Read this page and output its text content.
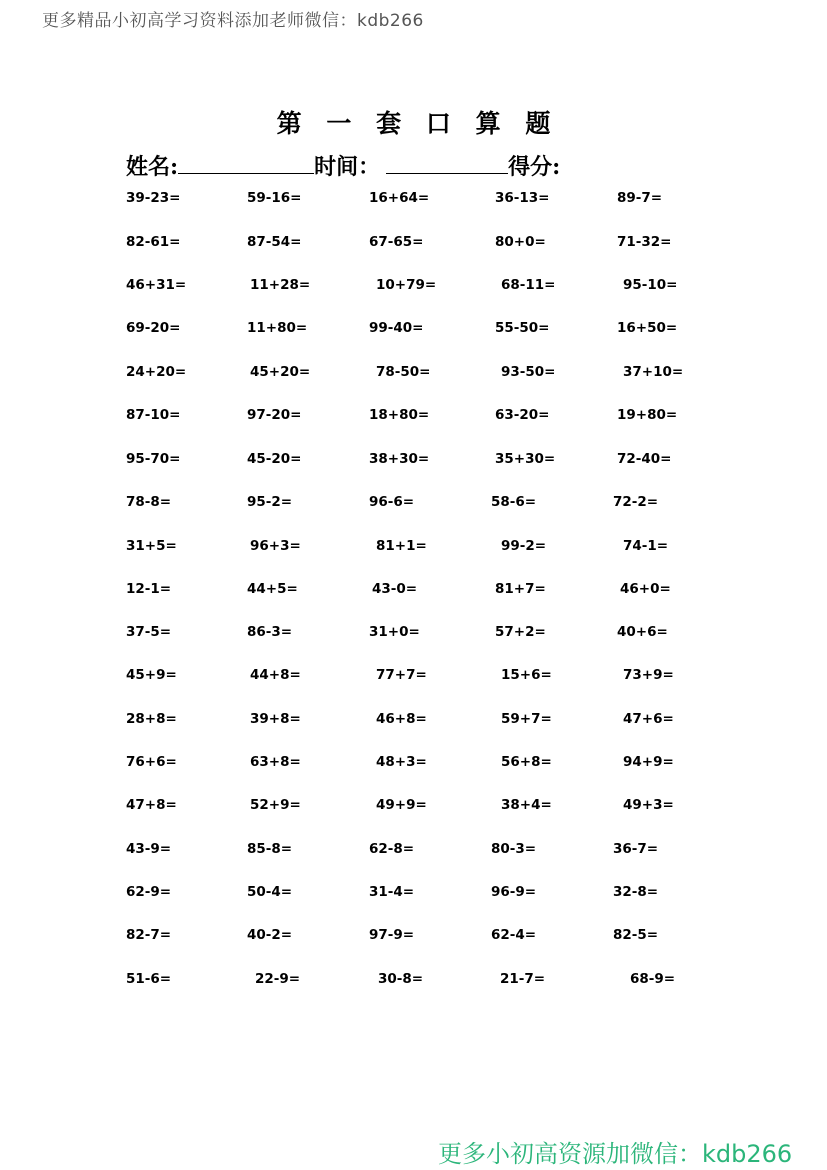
更多精品小初高学习资料添加老师微信：kdb266
第 一 套 口 算 题
姓名:	时间：	得分:
39-23=	59-16=	16+64=	36-13=	89-7=
82-61=	87-54=	67-65=	80+0=	71-32=
46+31=	11+28=	10+79=	68-11=	95-10=
69-20=	11+80=	99-40=	55-50=	16+50=
24+20=	45+20=	78-50=	93-50=	37+10=
87-10=	97-20=	18+80=	63-20=	19+80=
95-70=	45-20=	38+30=	35+30=	72-40=
78-8=	95-2=	96-6=	58-6=	72-2=
31+5=	96+3=	81+1=	99-2=	74-1=
12-1=	44+5=	43-0=	81+7=	46+0=
37-5=	86-3=	31+0=	57+2=	40+6=
45+9=	44+8=	77+7=	15+6=	73+9=
28+8=	39+8=	46+8=	59+7=	47+6=
76+6=	63+8=	48+3=	56+8=	94+9=
47+8=	52+9=	49+9=	38+4=	49+3=
43-9=	85-8=	62-8=	80-3=	36-7=
62-9=	50-4=	31-4=	96-9=	32-8=
82-7=	40-2=	97-9=	62-4=	82-5=
51-6=	22-9=	30-8=	21-7=	68-9=
更多小初高资源加微信：kdb266
